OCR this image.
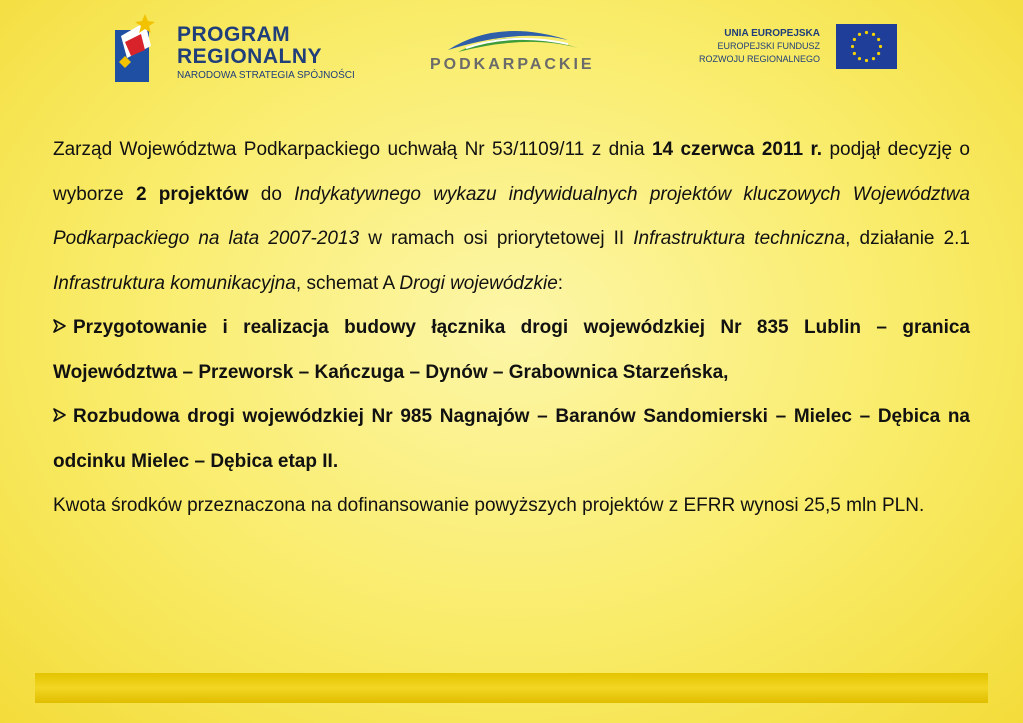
PROGRAM
REGIONALNY
NARODOWA STRATEGIA SPÓJNOŚCI
PODKARPACKIE
UNIA EUROPEJSKA
EUROPEJSKI FUNDUSZ
ROZWOJU REGIONALNEGO

Zarząd Województwa Podkarpackiego uchwałą Nr 53/1109/11 z dnia 14 czerwca 2011 r. podjął decyzję o wyborze 2 projektów do Indykatywnego wykazu indywidualnych projektów kluczowych Województwa Podkarpackiego na lata 2007-2013 w ramach osi priorytetowej II Infrastruktura techniczna, działanie 2.1 Infrastruktura komunikacyjna, schemat A Drogi wojewódzkie:

Przygotowanie i realizacja budowy łącznika drogi wojewódzkiej Nr 835 Lublin – granica Województwa – Przeworsk – Kańczuga – Dynów – Grabownica Starzeńska,

Rozbudowa drogi wojewódzkiej Nr 985 Nagnajów – Baranów Sandomierski – Mielec – Dębica na odcinku Mielec – Dębica etap II.

Kwota środków przeznaczona na dofinansowanie powyższych projektów z EFRR wynosi 25,5 mln PLN.
